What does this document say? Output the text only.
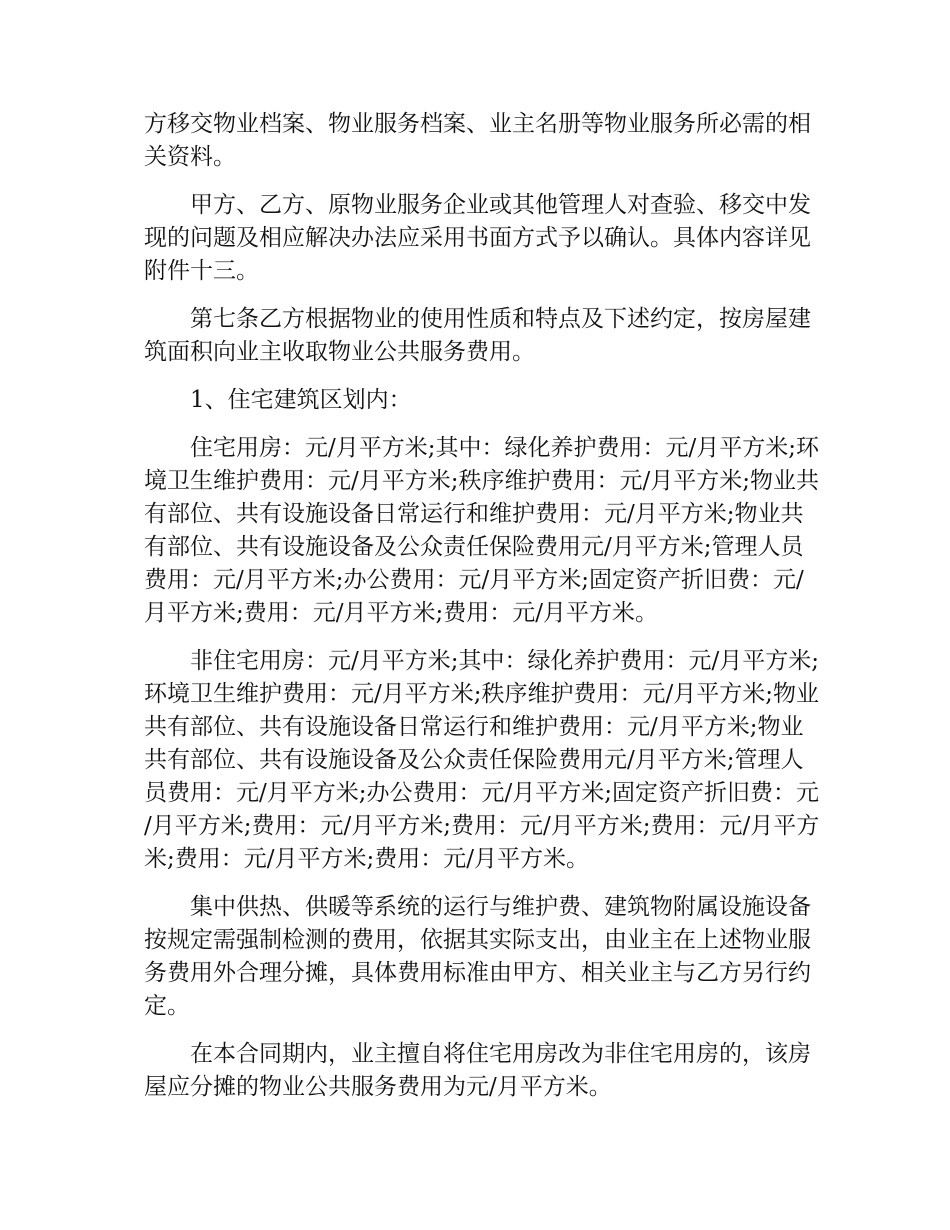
方移交物业档案、物业服务档案、业主名册等物业服务所必需的相关资料。

甲方、乙方、原物业服务企业或其他管理人对查验、移交中发现的问题及相应解决办法应采用书面方式予以确认。具体内容详见附件十三。

第七条乙方根据物业的使用性质和特点及下述约定，按房屋建筑面积向业主收取物业公共服务费用。

1、住宅建筑区划内：

住宅用房：元/月平方米;其中：绿化养护费用：元/月平方米;环境卫生维护费用：元/月平方米;秩序维护费用：元/月平方米;物业共有部位、共有设施设备日常运行和维护费用：元/月平方米;物业共有部位、共有设施设备及公众责任保险费用元/月平方米;管理人员费用：元/月平方米;办公费用：元/月平方米;固定资产折旧费：元/月平方米;费用：元/月平方米;费用：元/月平方米。

非住宅用房：元/月平方米;其中：绿化养护费用：元/月平方米;环境卫生维护费用：元/月平方米;秩序维护费用：元/月平方米;物业共有部位、共有设施设备日常运行和维护费用：元/月平方米;物业共有部位、共有设施设备及公众责任保险费用元/月平方米;管理人员费用：元/月平方米;办公费用：元/月平方米;固定资产折旧费：元/月平方米;费用：元/月平方米;费用：元/月平方米;费用：元/月平方米;费用：元/月平方米;费用：元/月平方米。

集中供热、供暖等系统的运行与维护费、建筑物附属设施设备按规定需强制检测的费用，依据其实际支出，由业主在上述物业服务费用外合理分摊，具体费用标准由甲方、相关业主与乙方另行约定。

在本合同期内，业主擅自将住宅用房改为非住宅用房的，该房屋应分摊的物业公共服务费用为元/月平方米。
